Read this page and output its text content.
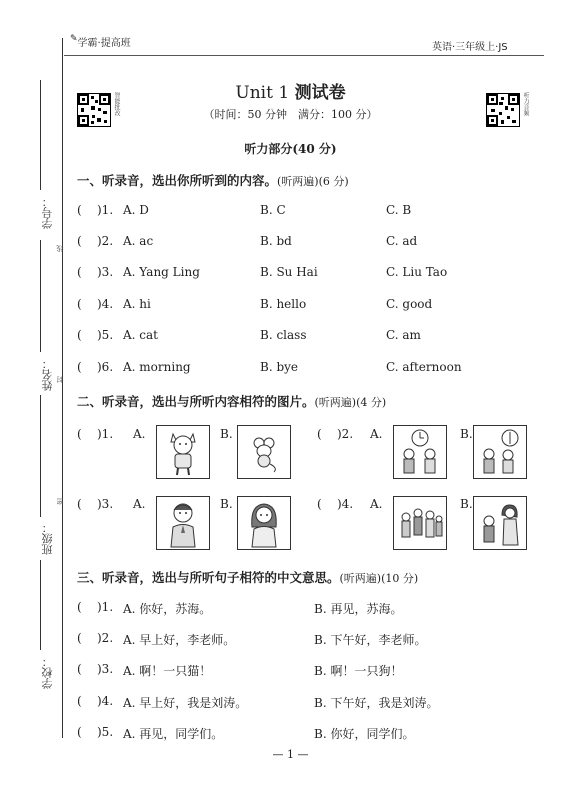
学号：
线
姓名： 封
班级：
密
学校：
✎学霸·提高班	英语·三年级上·JS
智能批改	听力音频
Unit 1 测试卷
（时间：50 分钟　满分：100 分）
听力部分(40 分)
一、听录音，选出你所听到的内容。(听两遍)(6 分)
( )1. A. D	B. C	C. B
( )2. A. ac	B. bd	C. ad
( )3. A. Yang Ling	B. Su Hai	C. Liu Tao
( )4. A. hi	B. hello	C. good
( )5. A. cat	B. class	C. am
( )6. A. morning	B. bye	C. afternoon
二、听录音，选出与所听内容相符的图片。(听两遍)(4 分)
( )1. A.	B.	( )2. A.	B.
( )3. A.	B.	( )4. A.	B.
三、听录音，选出与所听句子相符的中文意思。(听两遍)(10 分)
( )1. A. 你好，苏海。	B. 再见，苏海。
( )2. A. 早上好，李老师。	B. 下午好，李老师。
( )3. A. 啊！一只猫！	B. 啊！一只狗！
( )4. A. 早上好，我是刘涛。	B. 下午好，我是刘涛。
( )5. A. 再见，同学们。	B. 你好，同学们。
— 1 —
